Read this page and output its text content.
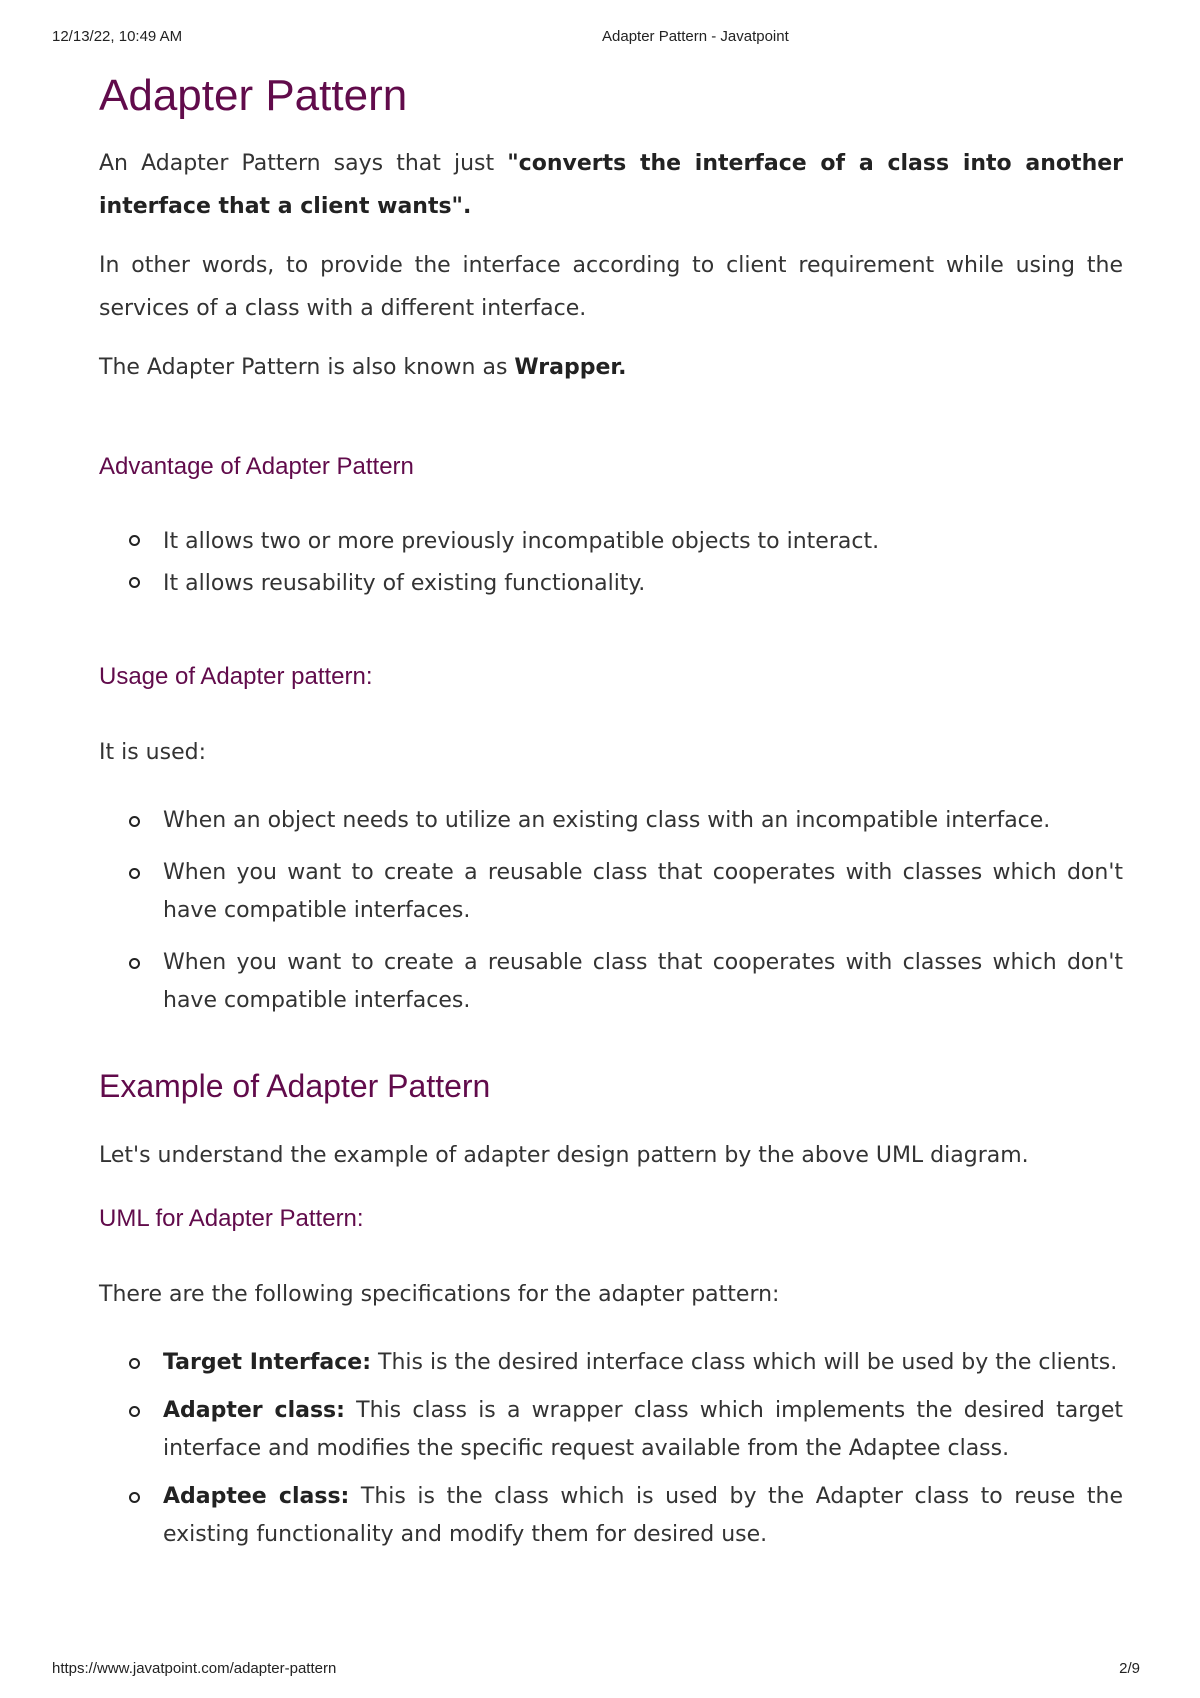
12/13/22, 10:49 AM	Adapter Pattern - Javatpoint
Adapter Pattern

An Adapter Pattern says that just "converts the interface of a class into another interface that a client wants".

In other words, to provide the interface according to client requirement while using the services of a class with a different interface.

The Adapter Pattern is also known as Wrapper.

Advantage of Adapter Pattern
It allows two or more previously incompatible objects to interact.
It allows reusability of existing functionality.
Usage of Adapter pattern:

It is used:

When an object needs to utilize an existing class with an incompatible interface.
When you want to create a reusable class that cooperates with classes which don't have compatible interfaces.
When you want to create a reusable class that cooperates with classes which don't have compatible interfaces.
Example of Adapter Pattern

Let's understand the example of adapter design pattern by the above UML diagram.

UML for Adapter Pattern:

There are the following specifications for the adapter pattern:

Target Interface: This is the desired interface class which will be used by the clients.
Adapter class: This class is a wrapper class which implements the desired target interface and modifies the specific request available from the Adaptee class.
Adaptee class: This is the class which is used by the Adapter class to reuse the existing functionality and modify them for desired use.
https://www.javatpoint.com/adapter-pattern	2/9
